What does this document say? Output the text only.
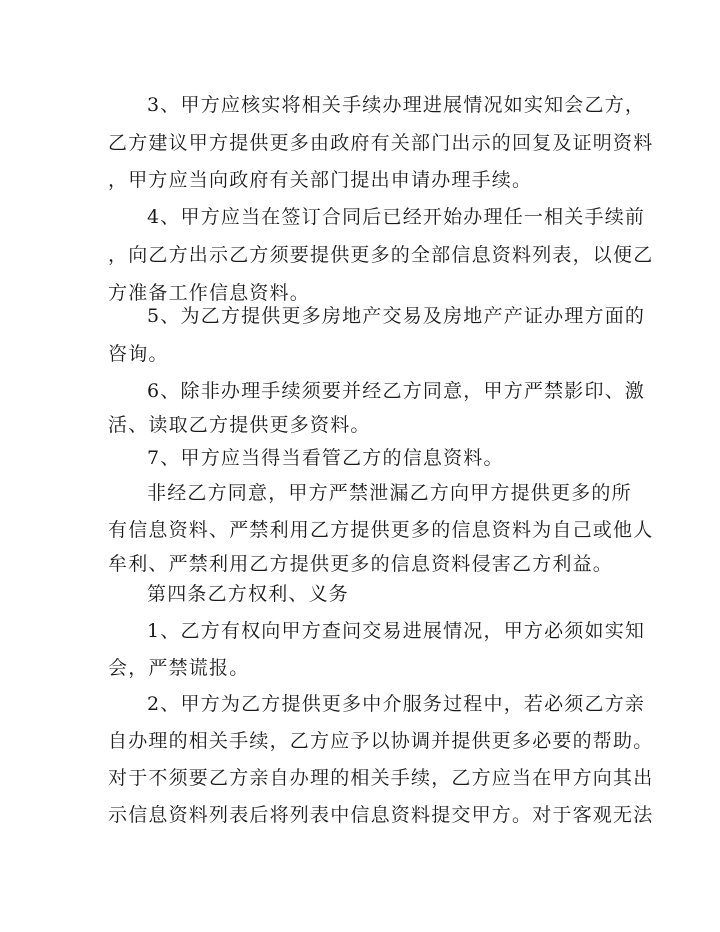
3、甲方应核实将相关手续办理进展情况如实知会乙方，
乙方建议甲方提供更多由政府有关部门出示的回复及证明资料
，甲方应当向政府有关部门提出申请办理手续。
4、甲方应当在签订合同后已经开始办理任一相关手续前
，向乙方出示乙方须要提供更多的全部信息资料列表，以便乙
方准备工作信息资料。
5、为乙方提供更多房地产交易及房地产产证办理方面的
咨询。
6、除非办理手续须要并经乙方同意，甲方严禁影印、激
活、读取乙方提供更多资料。
7、甲方应当得当看管乙方的信息资料。
非经乙方同意，甲方严禁泄漏乙方向甲方提供更多的所
有信息资料、严禁利用乙方提供更多的信息资料为自己或他人
牟利、严禁利用乙方提供更多的信息资料侵害乙方利益。
第四条乙方权利、义务
1、乙方有权向甲方查问交易进展情况，甲方必须如实知
会，严禁谎报。
2、甲方为乙方提供更多中介服务过程中，若必须乙方亲
自办理的相关手续，乙方应予以协调并提供更多必要的帮助。
对于不须要乙方亲自办理的相关手续，乙方应当在甲方向其出
示信息资料列表后将列表中信息资料提交甲方。对于客观无法
